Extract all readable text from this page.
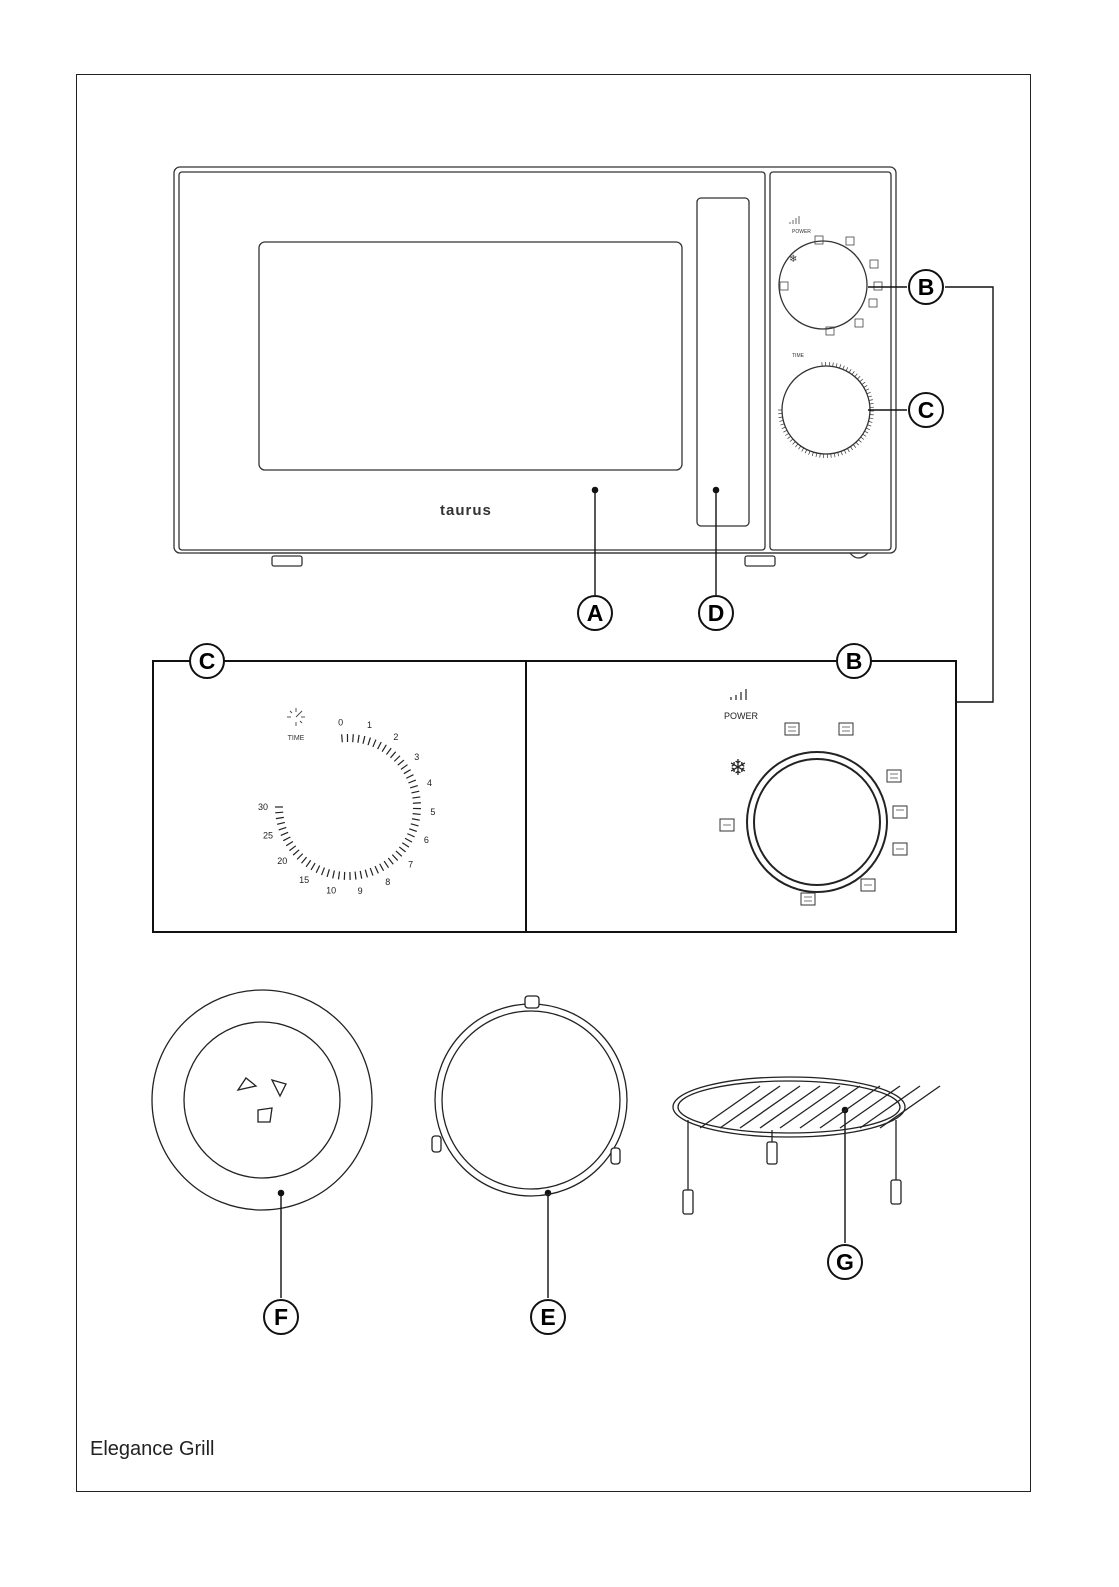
POWER
❄
TIME
taurus
A	D
B
C
C	B
TIME
0	1
2
3
4
5
6
7
8
9
10
15
20
25
30
POWER
❄
F	E
G
Elegance Grill
